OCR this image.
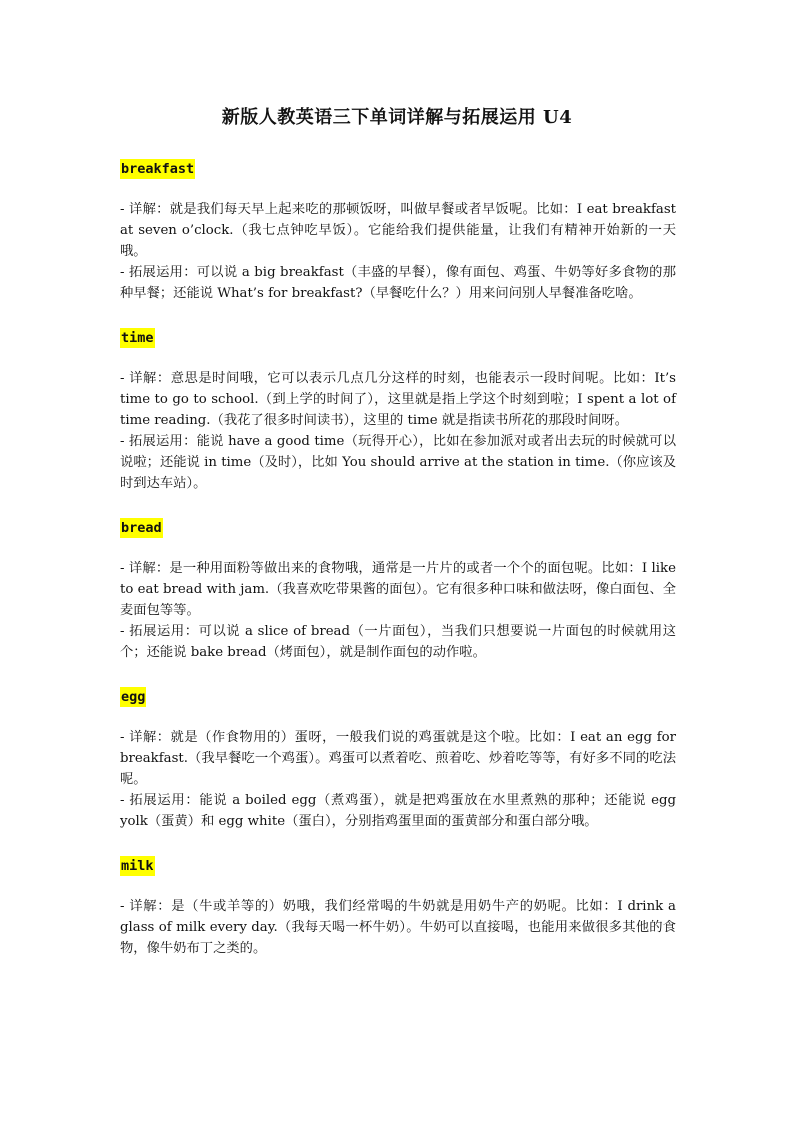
新版人教英语三下单词详解与拓展运用 U4
breakfast

- 详解：就是我们每天早上起来吃的那顿饭呀，叫做早餐或者早饭呢。比如：I eat breakfast at seven o’clock.（我七点钟吃早饭）。它能给我们提供能量，让我们有精神开始新的一天哦。

- 拓展运用：可以说 a big breakfast（丰盛的早餐），像有面包、鸡蛋、牛奶等好多食物的那种早餐；还能说 What’s for breakfast?（早餐吃什么？）用来问问别人早餐准备吃啥。

time

- 详解：意思是时间哦，它可以表示几点几分这样的时刻，也能表示一段时间呢。比如：It’s time to go to school.（到上学的时间了），这里就是指上学这个时刻到啦；I spent a lot of time reading.（我花了很多时间读书），这里的 time 就是指读书所花的那段时间呀。

- 拓展运用：能说 have a good time（玩得开心），比如在参加派对或者出去玩的时候就可以说啦；还能说 in time（及时），比如 You should arrive at the station in time.（你应该及时到达车站）。

bread

- 详解：是一种用面粉等做出来的食物哦，通常是一片片的或者一个个的面包呢。比如：I like to eat bread with jam.（我喜欢吃带果酱的面包）。它有很多种口味和做法呀，像白面包、全麦面包等等。

- 拓展运用：可以说 a slice of bread（一片面包），当我们只想要说一片面包的时候就用这个；还能说 bake bread（烤面包），就是制作面包的动作啦。

egg

- 详解：就是（作食物用的）蛋呀，一般我们说的鸡蛋就是这个啦。比如：I eat an egg for breakfast.（我早餐吃一个鸡蛋）。鸡蛋可以煮着吃、煎着吃、炒着吃等等，有好多不同的吃法呢。

- 拓展运用：能说 a boiled egg（煮鸡蛋），就是把鸡蛋放在水里煮熟的那种；还能说 egg yolk（蛋黄）和 egg white（蛋白），分别指鸡蛋里面的蛋黄部分和蛋白部分哦。

milk

- 详解：是（牛或羊等的）奶哦，我们经常喝的牛奶就是用奶牛产的奶呢。比如：I drink a glass of milk every day.（我每天喝一杯牛奶）。牛奶可以直接喝，也能用来做很多其他的食物，像牛奶布丁之类的。
